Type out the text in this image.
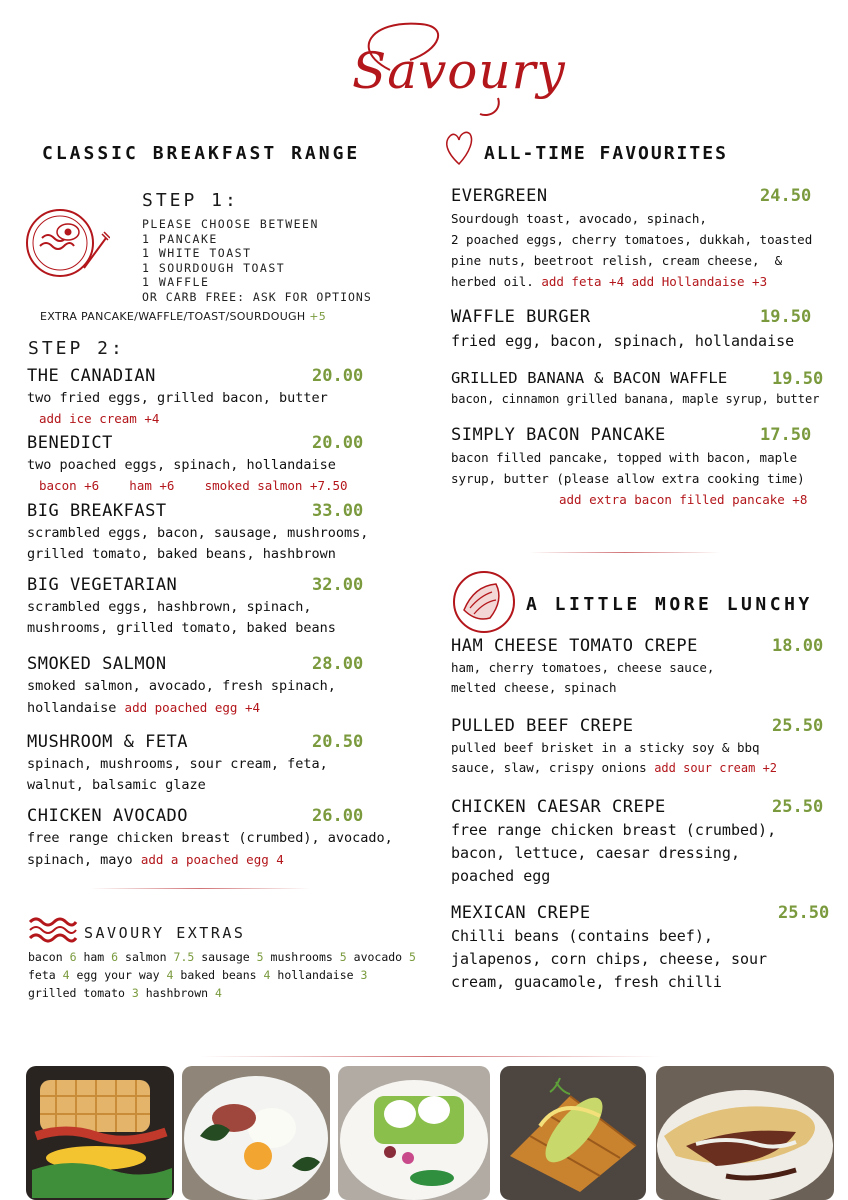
Savoury
CLASSIC BREAKFAST RANGE
STEP 1:
PLEASE CHOOSE BETWEEN
1 PANCAKE
1 WHITE TOAST
1 SOURDOUGH TOAST
1 WAFFLE
OR CARB FREE: ASK FOR OPTIONS
EXTRA PANCAKE/WAFFLE/TOAST/SOURDOUGH +5
STEP 2:
THE CANADIAN	20.00
two fried eggs, grilled bacon, butter
add ice cream +4
BENEDICT	20.00
two poached eggs, spinach, hollandaise
bacon +6    ham +6    smoked salmon +7.50
BIG BREAKFAST	33.00
scrambled eggs, bacon, sausage, mushrooms,
grilled tomato, baked beans, hashbrown
BIG VEGETARIAN	32.00
scrambled eggs, hashbrown, spinach,
mushrooms, grilled tomato, baked beans
SMOKED SALMON	28.00
smoked salmon, avocado, fresh spinach,
hollandaise add poached egg +4
MUSHROOM & FETA	20.50
spinach, mushrooms, sour cream, feta,
walnut, balsamic glaze
CHICKEN AVOCADO	26.00
free range chicken breast (crumbed), avocado,
spinach, mayo add a poached egg 4
SAVOURY EXTRAS
bacon 6 ham 6 salmon 7.5 sausage 5 mushrooms 5 avocado 5
feta 4 egg your way 4 baked beans 4 hollandaise 3
grilled tomato 3 hashbrown 4
ALL-TIME FAVOURITES
EVERGREEN	24.50
Sourdough toast, avocado, spinach,
2 poached eggs, cherry tomatoes, dukkah, toasted
pine nuts, beetroot relish, cream cheese,  &
herbed oil. add feta +4 add Hollandaise +3
WAFFLE BURGER	19.50
fried egg, bacon, spinach, hollandaise
GRILLED BANANA & BACON WAFFLE	19.50
bacon, cinnamon grilled banana, maple syrup, butter
SIMPLY BACON PANCAKE	17.50
bacon filled pancake, topped with bacon, maple
syrup, butter (please allow extra cooking time)
add extra bacon filled pancake +8
A LITTLE MORE LUNCHY
HAM CHEESE TOMATO CREPE	18.00
ham, cherry tomatoes, cheese sauce,
melted cheese, spinach
PULLED BEEF CREPE	25.50
pulled beef brisket in a sticky soy & bbq
sauce, slaw, crispy onions add sour cream +2
CHICKEN CAESAR CREPE	25.50
free range chicken breast (crumbed),
bacon, lettuce, caesar dressing,
poached egg
MEXICAN CREPE	25.50
Chilli beans (contains beef),
jalapenos, corn chips, cheese, sour
cream, guacamole, fresh chilli
